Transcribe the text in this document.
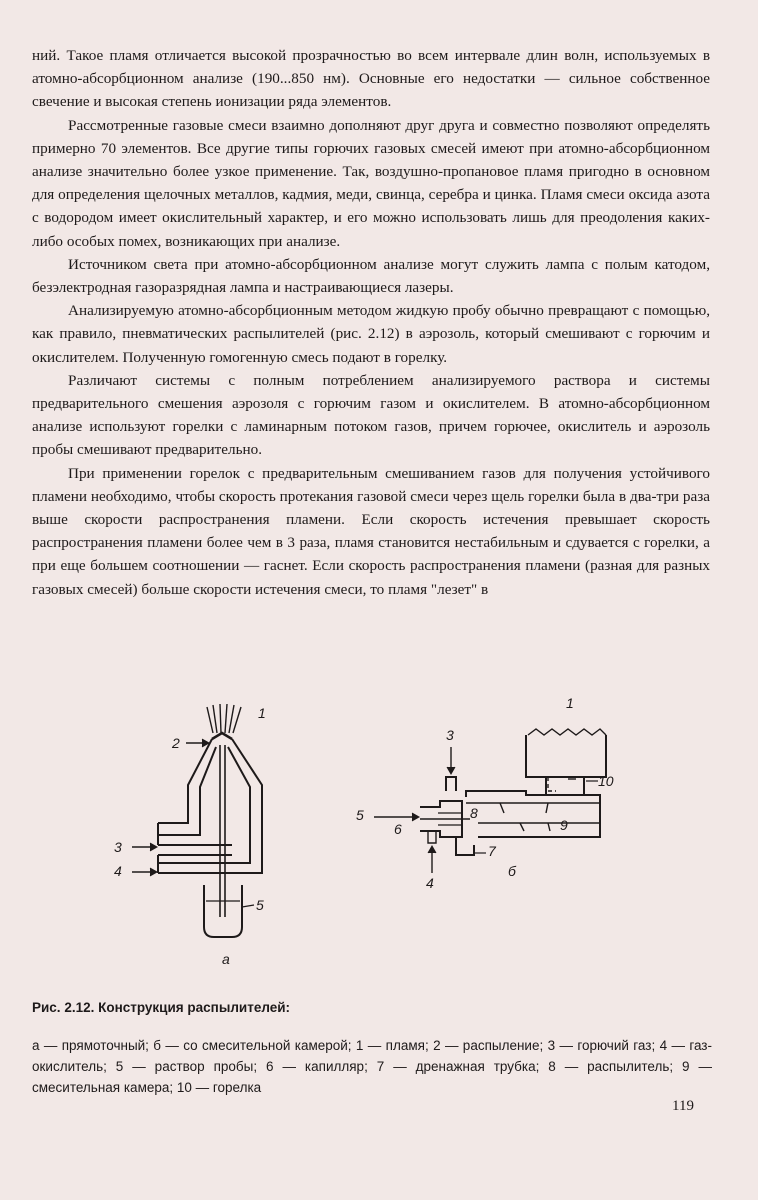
ний. Такое пламя отличается высокой прозрачностью во всем интервале длин волн, используемых в атомно-абсорбционном анализе (190...850 нм). Основные его недостатки — сильное собственное свечение и высокая степень ионизации ряда элементов.

Рассмотренные газовые смеси взаимно дополняют друг друга и совместно позволяют определять примерно 70 элементов. Все другие типы горючих газовых смесей имеют при атомно-абсорбционном анализе значительно более узкое применение. Так, воздушно-пропановое пламя пригодно в основном для определения щелочных металлов, кадмия, меди, свинца, серебра и цинка. Пламя смеси оксида азота с водородом имеет окислительный характер, и его можно использовать лишь для преодоления каких-либо особых помех, возникающих при анализе.

Источником света при атомно-абсорбционном анализе могут служить лампа с полым катодом, безэлектродная газоразрядная лампа и настраивающиеся лазеры.

Анализируемую атомно-абсорбционным методом жидкую пробу обычно превращают с помощью, как правило, пневматических распылителей (рис. 2.12) в аэрозоль, который смешивают с горючим и окислителем. Полученную гомогенную смесь подают в горелку.

Различают системы с полным потреблением анализируемого раствора и системы предварительного смешения аэрозоля с горючим газом и окислителем. В атомно-абсорбционном анализе используют горелки с ламинарным потоком газов, причем горючее, окислитель и аэрозоль пробы смешивают предварительно.

При применении горелок с предварительным смешиванием газов для получения устойчивого пламени необходимо, чтобы скорость протекания газовой смеси через щель горелки была в два-три раза выше скорости распространения пламени. Если скорость истечения превышает скорость распространения пламени более чем в 3 раза, пламя становится нестабильным и сдувается с горелки, а при еще большем соотношении — гаснет. Если скорость распространения пламени (разная для разных газовых смесей) больше скорости истечения смеси, то пламя "лезет" в

1
2
3
4
5
а
1
3
5
6
8
10
9
7
4
б
Рис. 2.12. Конструкция распылителей:
а — прямоточный; б — со смесительной камерой; 1 — пламя; 2 — распыление; 3 — горючий газ; 4 — газ-окислитель; 5 — раствор пробы; 6 — капилляр; 7 — дренажная трубка; 8 — распылитель; 9 — смесительная камера; 10 — горелка
119
